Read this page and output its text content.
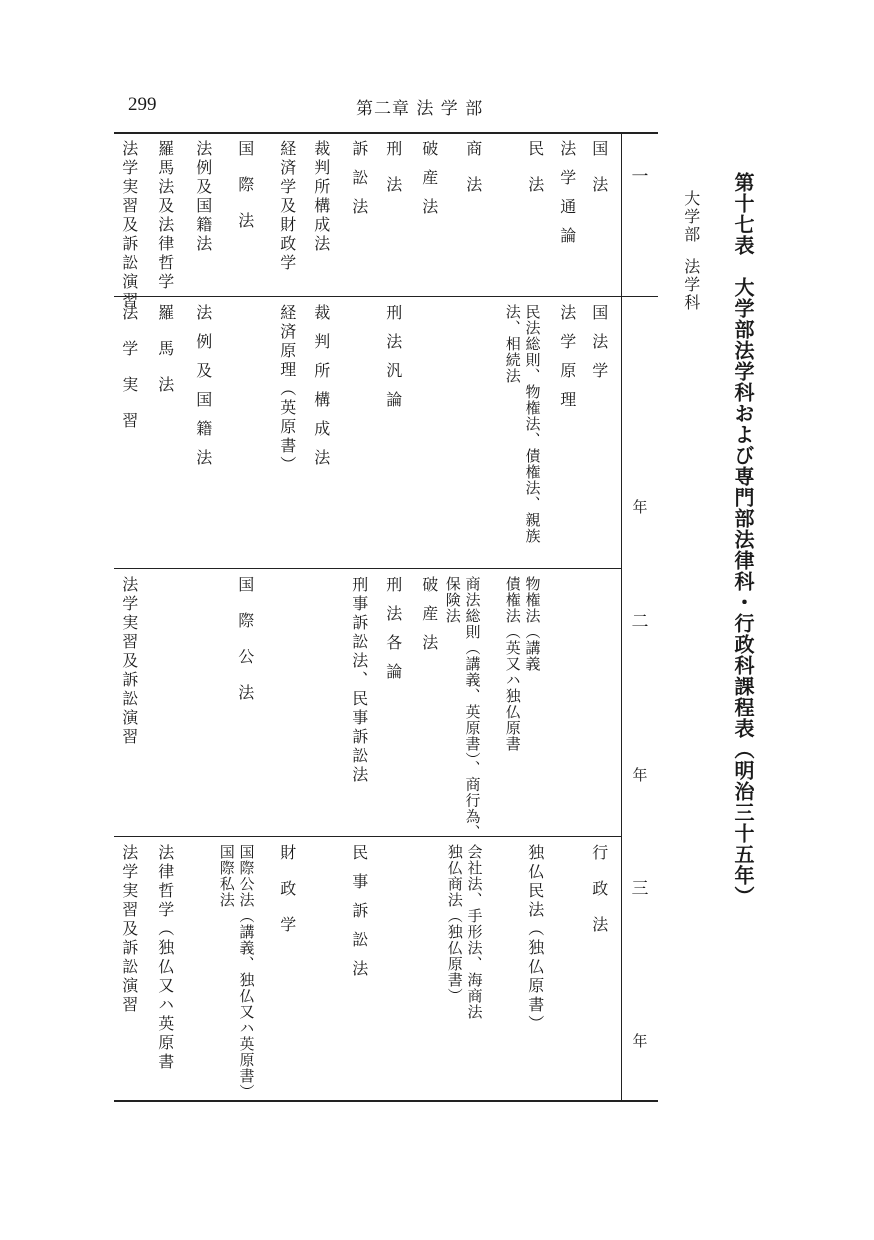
299	第二章 法 学 部
第十七表　大学部法学科および専門部法律科・行政科課程表（明治三十五年）
大学部法学科
一
年
二
年
三
年
国法
法学通論
民法
商法
破産法
刑法
訴訟法
裁判所構成法
経済学及財政学
国際法
法例及国籍法
羅馬法及法律哲学
法学実習及訴訟演習
国法学
法学原理
民法総則、物権法、債権法、親族
法、相続法
刑法汎論
裁判所構成法
経済原理（英原書）
法例及国籍法
羅馬法
法学実習
物権法（講義
債権法（英又ハ独仏原書
商法総則（講義、英原書）、商行為、
保険法
破産法
刑法各論
刑事訴訟法、民事訴訟法
国際公法
法学実習及訴訟演習
行政法
独仏民法（独仏原書）
会社法、手形法、海商法
独仏商法（独仏原書）
民事訴訟法
財政学
国際公法（講義、独仏又ハ英原書）
国際私法
法律哲学（独仏又ハ英原書
法学実習及訴訟演習
